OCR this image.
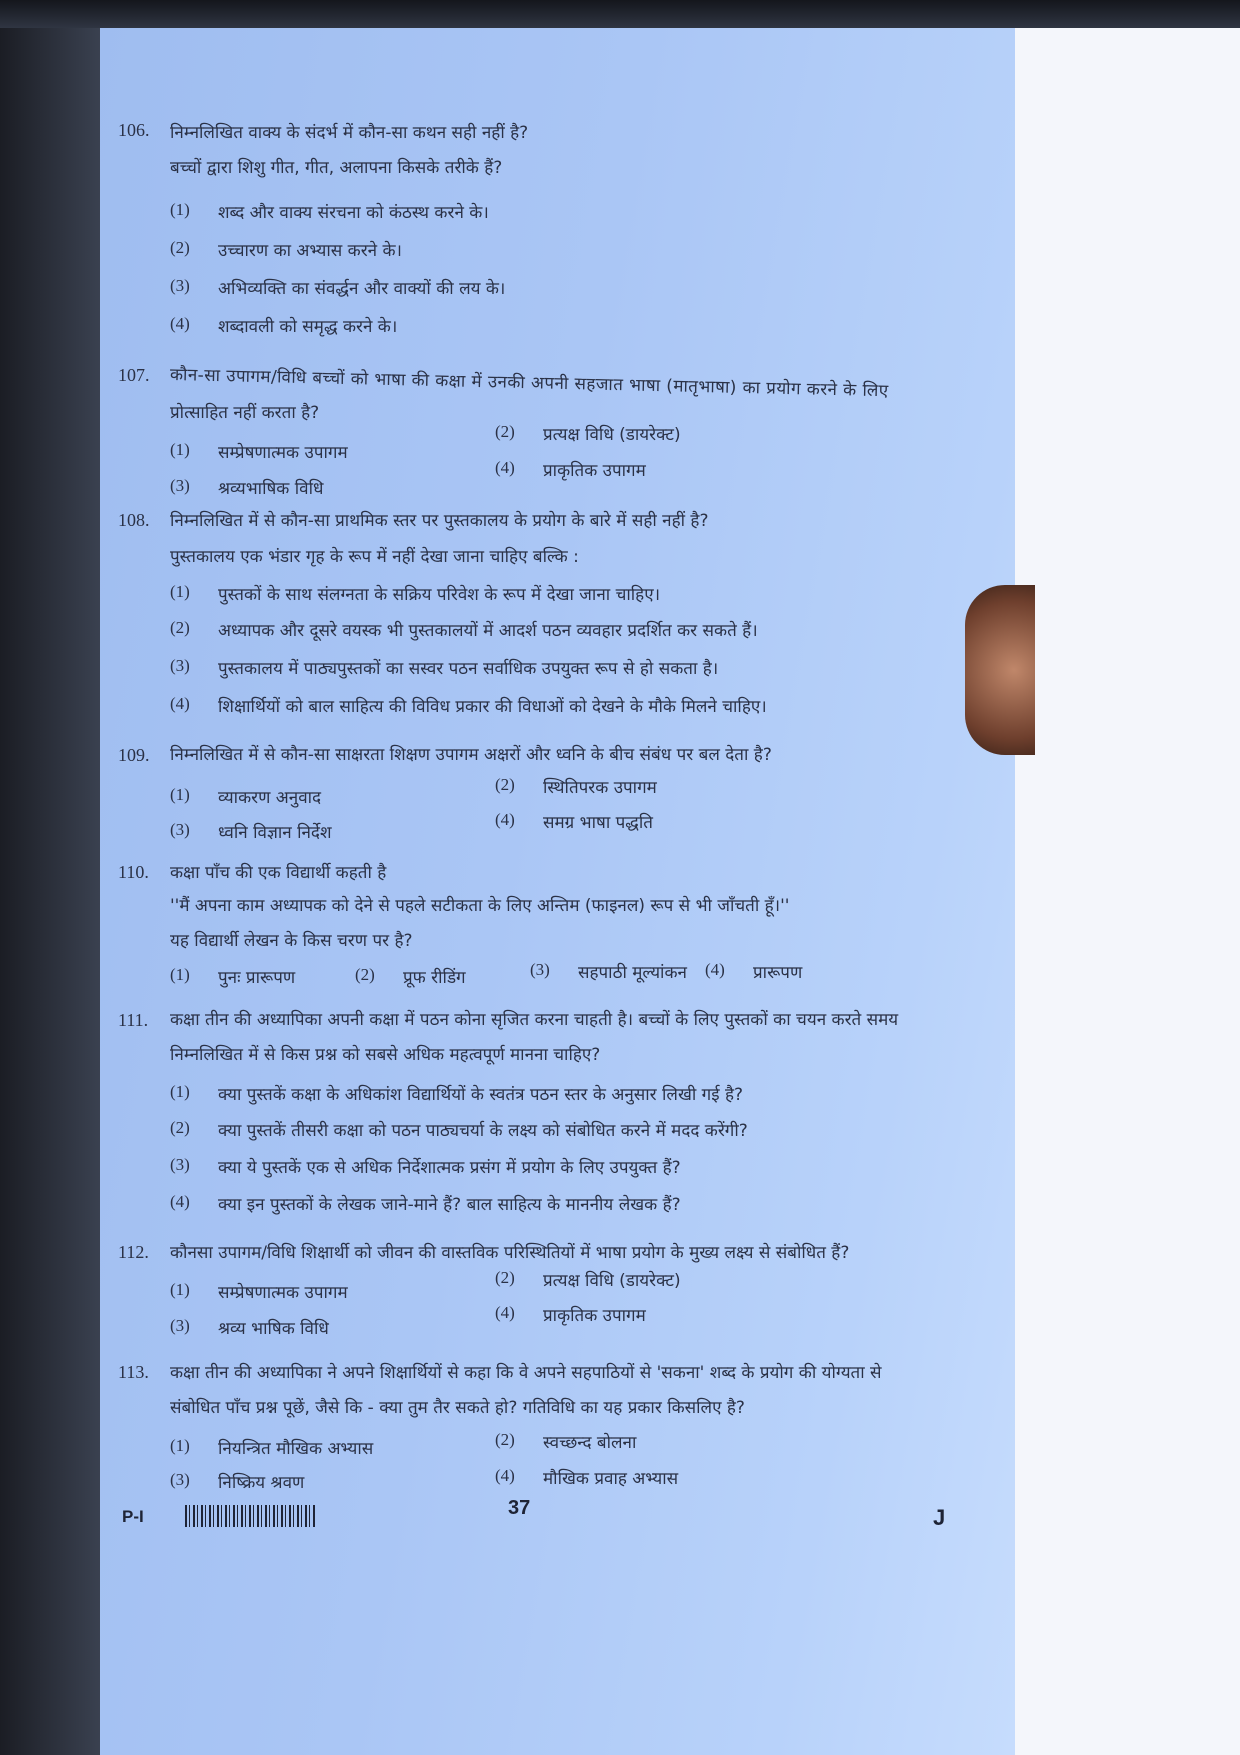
106. निम्नलिखित वाक्य के संदर्भ में कौन-सा कथन सही नहीं है?
बच्चों द्वारा शिशु गीत, गीत, अलापना किसके तरीके हैं?
(1) शब्द और वाक्य संरचना को कंठस्थ करने के।
(2) उच्चारण का अभ्यास करने के।
(3) अभिव्यक्ति का संवर्द्धन और वाक्यों की लय के।
(4) शब्दावली को समृद्ध करने के।
107. कौन-सा उपागम/विधि बच्चों को भाषा की कक्षा में उनकी अपनी सहजात भाषा (मातृभाषा) का प्रयोग करने के लिए
प्रोत्साहित नहीं करता है?
(1) सम्प्रेषणात्मक उपागम
(2) प्रत्यक्ष विधि (डायरेक्ट)
(3) श्रव्यभाषिक विधि
(4) प्राकृतिक उपागम
108. निम्नलिखित में से कौन-सा प्राथमिक स्तर पर पुस्तकालय के प्रयोग के बारे में सही नहीं है?
पुस्तकालय एक भंडार गृह के रूप में नहीं देखा जाना चाहिए बल्कि :
(1) पुस्तकों के साथ संलग्नता के सक्रिय परिवेश के रूप में देखा जाना चाहिए।
(2) अध्यापक और दूसरे वयस्क भी पुस्तकालयों में आदर्श पठन व्यवहार प्रदर्शित कर सकते हैं।
(3) पुस्तकालय में पाठ्यपुस्तकों का सस्वर पठन सर्वाधिक उपयुक्त रूप से हो सकता है।
(4) शिक्षार्थियों को बाल साहित्य की विविध प्रकार की विधाओं को देखने के मौके मिलने चाहिए।
109. निम्नलिखित में से कौन-सा साक्षरता शिक्षण उपागम अक्षरों और ध्वनि के बीच संबंध पर बल देता है?
(1) व्याकरण अनुवाद
(2) स्थितिपरक उपागम
(3) ध्वनि विज्ञान निर्देश
(4) समग्र भाषा पद्धति
110. कक्षा पाँच की एक विद्यार्थी कहती है
''मैं अपना काम अध्यापक को देने से पहले सटीकता के लिए अन्तिम (फाइनल) रूप से भी जाँचती हूँ।''
यह विद्यार्थी लेखन के किस चरण पर है?
(1) पुनः प्रारूपण	(2) प्रूफ रीडिंग	(3) सहपाठी मूल्यांकन (4) प्रारूपण
111. कक्षा तीन की अध्यापिका अपनी कक्षा में पठन कोना सृजित करना चाहती है। बच्चों के लिए पुस्तकों का चयन करते समय
निम्नलिखित में से किस प्रश्न को सबसे अधिक महत्वपूर्ण मानना चाहिए?
(1) क्या पुस्तकें कक्षा के अधिकांश विद्यार्थियों के स्वतंत्र पठन स्तर के अनुसार लिखी गई है?
(2) क्या पुस्तकें तीसरी कक्षा को पठन पाठ्यचर्या के लक्ष्य को संबोधित करने में मदद करेंगी?
(3) क्या ये पुस्तकें एक से अधिक निर्देशात्मक प्रसंग में प्रयोग के लिए उपयुक्त हैं?
(4) क्या इन पुस्तकों के लेखक जाने-माने हैं? बाल साहित्य के माननीय लेखक हैं?
112. कौनसा उपागम/विधि शिक्षार्थी को जीवन की वास्तविक परिस्थितियों में भाषा प्रयोग के मुख्य लक्ष्य से संबोधित हैं?
(1) सम्प्रेषणात्मक उपागम
(2) प्रत्यक्ष विधि (डायरेक्ट)
(3) श्रव्य भाषिक विधि
(4) प्राकृतिक उपागम
113. कक्षा तीन की अध्यापिका ने अपने शिक्षार्थियों से कहा कि वे अपने सहपाठियों से 'सकना' शब्द के प्रयोग की योग्यता से
संबोधित पाँच प्रश्न पूछें, जैसे कि - क्या तुम तैर सकते हो? गतिविधि का यह प्रकार किसलिए है?
(1) नियन्त्रित मौखिक अभ्यास	(2) स्वच्छन्द बोलना
(3) निष्क्रिय श्रवण	(4) मौखिक प्रवाह अभ्यास
P-I	37	J
